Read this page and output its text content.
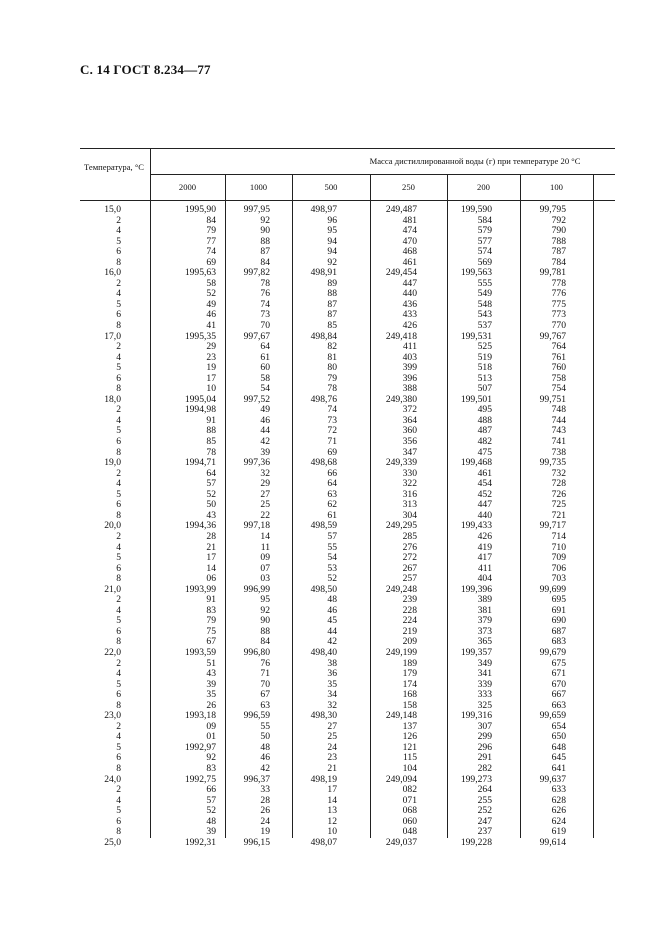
С. 14 ГОСТ 8.234—77
Температура, °С
Масса дистиллированной воды (г) при температуре 20 °С
2000	1000	500	250	200	100
15,0	1995,90	997,95	498,97	249,487	199,590	99,795
2	84	92	96	481	584	792
4	79	90	95	474	579	790
5	77	88	94	470	577	788
6	74	87	94	468	574	787
8	69	84	92	461	569	784
16,0	1995,63	997,82	498,91	249,454	199,563	99,781
2	58	78	89	447	555	778
4	52	76	88	440	549	776
5	49	74	87	436	548	775
6	46	73	87	433	543	773
8	41	70	85	426	537	770
17,0	1995,35	997,67	498,84	249,418	199,531	99,767
2	29	64	82	411	525	764
4	23	61	81	403	519	761
5	19	60	80	399	518	760
6	17	58	79	396	513	758
8	10	54	78	388	507	754
18,0	1995,04	997,52	498,76	249,380	199,501	99,751
2	1994,98	49	74	372	495	748
4	91	46	73	364	488	744
5	88	44	72	360	487	743
6	85	42	71	356	482	741
8	78	39	69	347	475	738
19,0	1994,71	997,36	498,68	249,339	199,468	99,735
2	64	32	66	330	461	732
4	57	29	64	322	454	728
5	52	27	63	316	452	726
6	50	25	62	313	447	725
8	43	22	61	304	440	721
20,0	1994,36	997,18	498,59	249,295	199,433	99,717
2	28	14	57	285	426	714
4	21	11	55	276	419	710
5	17	09	54	272	417	709
6	14	07	53	267	411	706
8	06	03	52	257	404	703
21,0	1993,99	996,99	498,50	249,248	199,396	99,699
2	91	95	48	239	389	695
4	83	92	46	228	381	691
5	79	90	45	224	379	690
6	75	88	44	219	373	687
8	67	84	42	209	365	683
22,0	1993,59	996,80	498,40	249,199	199,357	99,679
2	51	76	38	189	349	675
4	43	71	36	179	341	671
5	39	70	35	174	339	670
6	35	67	34	168	333	667
8	26	63	32	158	325	663
23,0	1993,18	996,59	498,30	249,148	199,316	99,659
2	09	55	27	137	307	654
4	01	50	25	126	299	650
5	1992,97	48	24	121	296	648
6	92	46	23	115	291	645
8	83	42	21	104	282	641
24,0	1992,75	996,37	498,19	249,094	199,273	99,637
2	66	33	17	082	264	633
4	57	28	14	071	255	628
5	52	26	13	068	252	626
6	48	24	12	060	247	624
8	39	19	10	048	237	619
25,0	1992,31	996,15	498,07	249,037	199,228	99,614
